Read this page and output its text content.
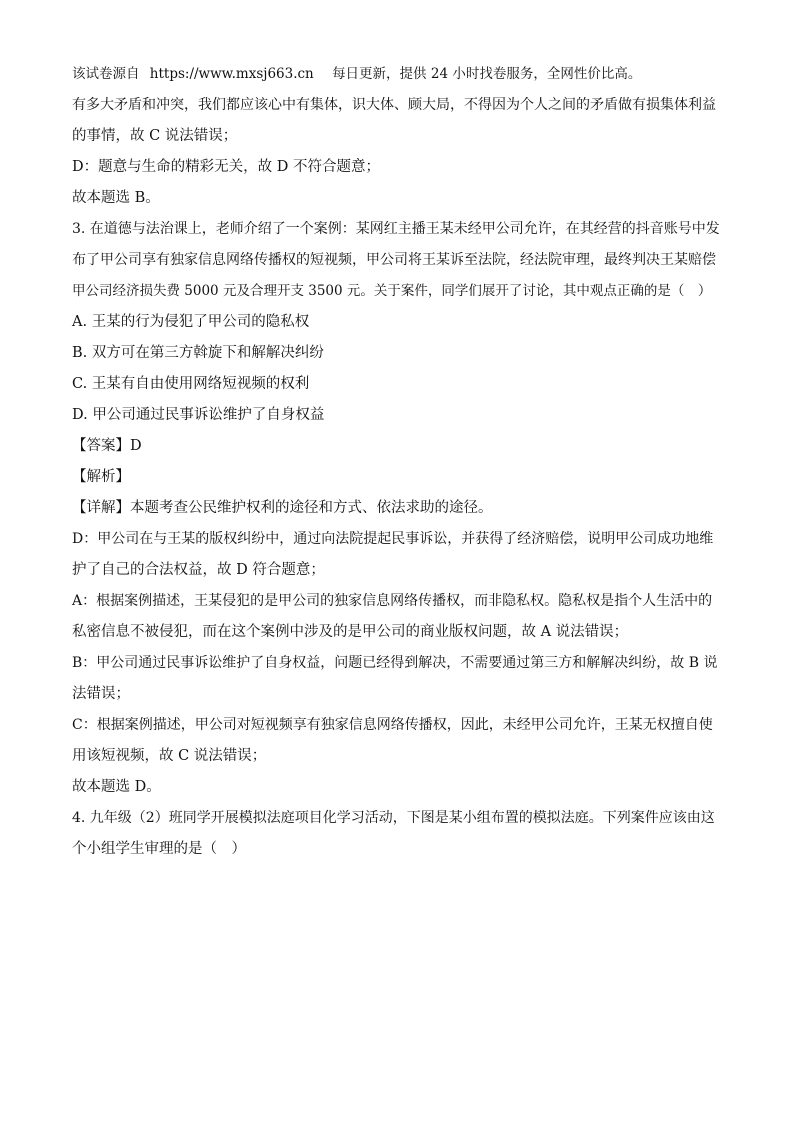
该试卷源自 https://www.mxsj663.cn 每日更新，提供 24 小时找卷服务，全网性价比高。
有多大矛盾和冲突，我们都应该心中有集体，识大体、顾大局，不得因为个人之间的矛盾做有损集体利益
的事情，故 C 说法错误；
D：题意与生命的精彩无关，故 D 不符合题意；
故本题选 B。
3. 在道德与法治课上，老师介绍了一个案例：某网红主播王某未经甲公司允许，在其经营的抖音账号中发
布了甲公司享有独家信息网络传播权的短视频，甲公司将王某诉至法院，经法院审理，最终判决王某赔偿
甲公司经济损失费 5000 元及合理开支 3500 元。关于案件，同学们展开了讨论，其中观点正确的是（　）
A. 王某的行为侵犯了甲公司的隐私权
B. 双方可在第三方斡旋下和解解决纠纷
C. 王某有自由使用网络短视频的权利
D. 甲公司通过民事诉讼维护了自身权益
【答案】D
【解析】
【详解】本题考查公民维护权利的途径和方式、依法求助的途径。
D：甲公司在与王某的版权纠纷中，通过向法院提起民事诉讼，并获得了经济赔偿，说明甲公司成功地维
护了自己的合法权益，故 D 符合题意；
A：根据案例描述，王某侵犯的是甲公司的独家信息网络传播权，而非隐私权。隐私权是指个人生活中的
私密信息不被侵犯，而在这个案例中涉及的是甲公司的商业版权问题，故 A 说法错误；
B：甲公司通过民事诉讼维护了自身权益，问题已经得到解决，不需要通过第三方和解解决纠纷，故 B 说
法错误；
C：根据案例描述，甲公司对短视频享有独家信息网络传播权，因此，未经甲公司允许，王某无权擅自使
用该短视频，故 C 说法错误；
故本题选 D。
4. 九年级（2）班同学开展模拟法庭项目化学习活动，下图是某小组布置的模拟法庭。下列案件应该由这
个小组学生审理的是（　）
